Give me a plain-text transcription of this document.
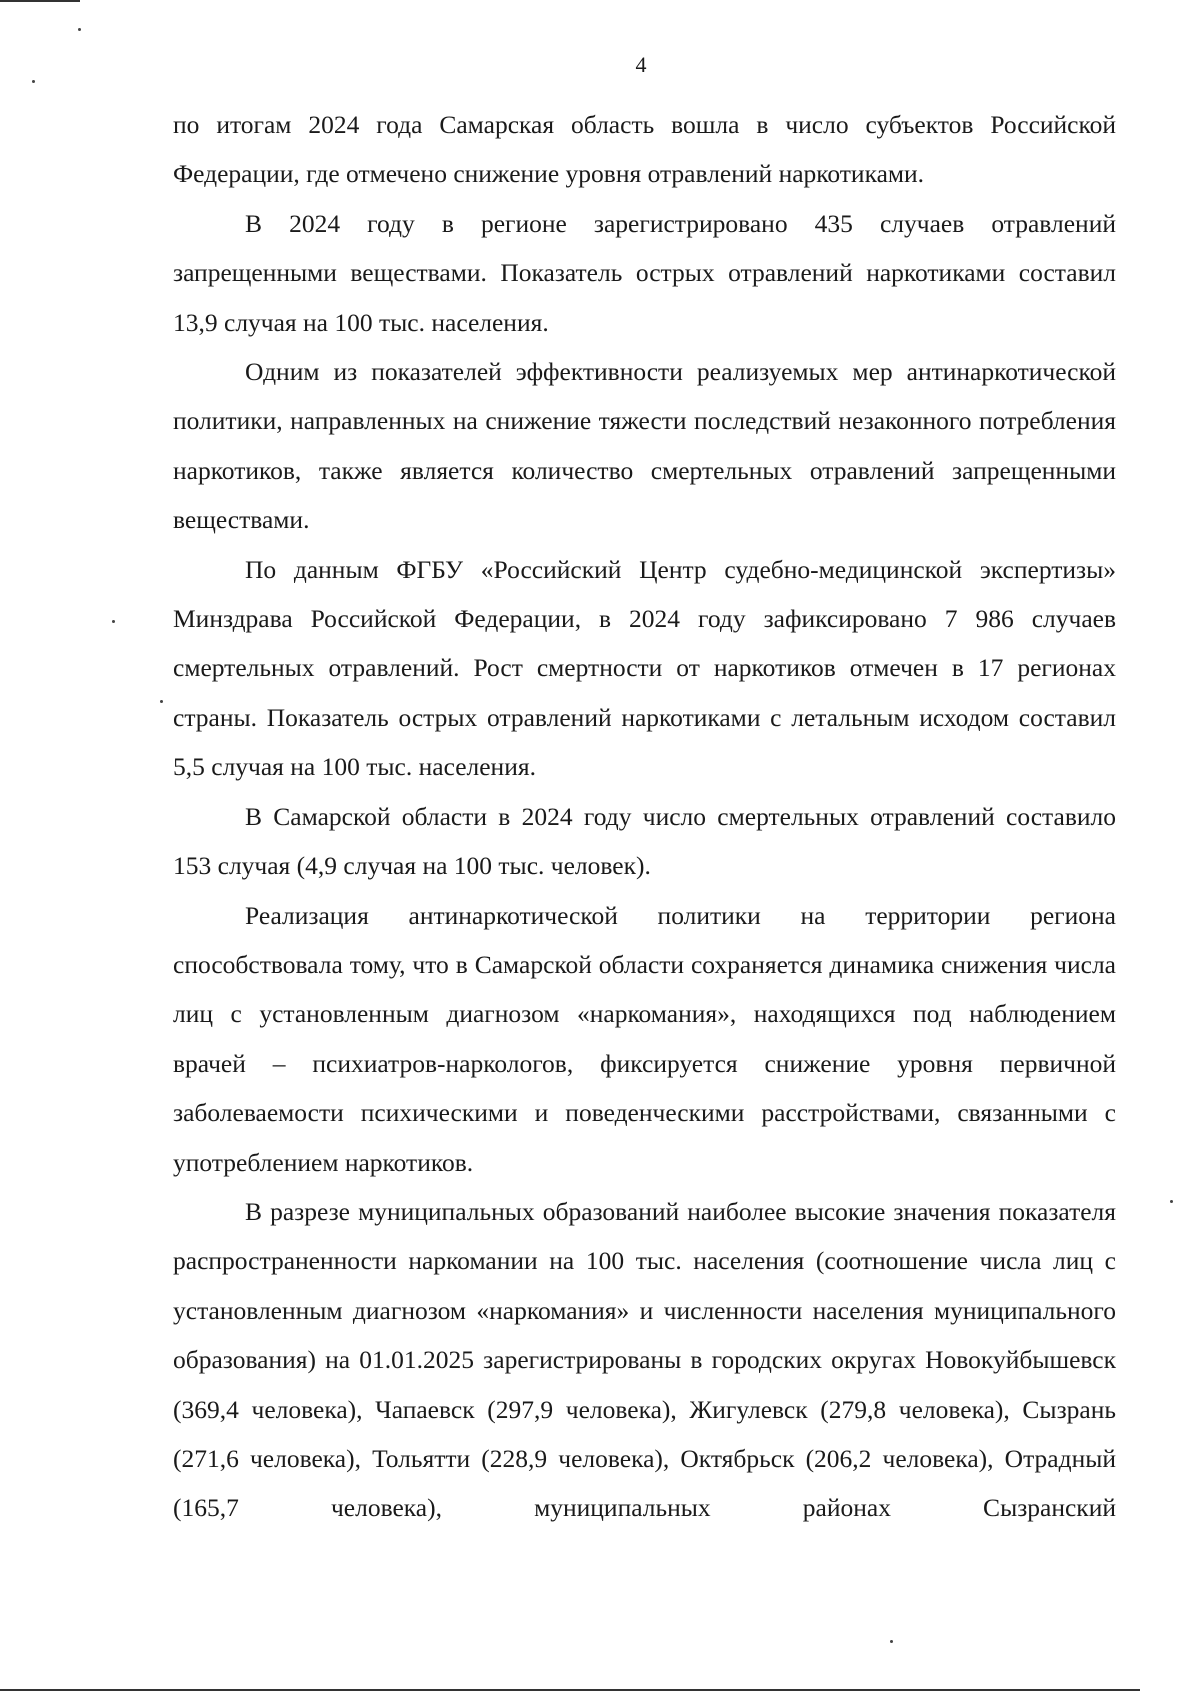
4

по итогам 2024 года Самарская область вошла в число субъектов Российской Федерации, где отмечено снижение уровня отравлений наркотиками.

В 2024 году в регионе зарегистрировано 435 случаев отравлений запрещенными веществами. Показатель острых отравлений наркотиками составил 13,9 случая на 100 тыс. населения.

Одним из показателей эффективности реализуемых мер антинаркотической политики, направленных на снижение тяжести последствий незаконного потребления наркотиков, также является количество смертельных отравлений запрещенными веществами.

По данным ФГБУ «Российский Центр судебно-медицинской экспертизы» Минздрава Российской Федерации, в 2024 году зафиксировано 7 986 случаев смертельных отравлений. Рост смертности от наркотиков отмечен в 17 регионах страны. Показатель острых отравлений наркотиками с летальным исходом составил 5,5 случая на 100 тыс. населения.

В Самарской области в 2024 году число смертельных отравлений составило 153 случая (4,9 случая на 100 тыс. человек).

Реализация антинаркотической политики на территории региона способствовала тому, что в Самарской области сохраняется динамика снижения числа лиц с установленным диагнозом «наркомания», находящихся под наблюдением врачей – психиатров-наркологов, фиксируется снижение уровня первичной заболеваемости психическими и поведенческими расстройствами, связанными с употреблением наркотиков.

В разрезе муниципальных образований наиболее высокие значения показателя распространенности наркомании на 100 тыс. населения (соотношение числа лиц с установленным диагнозом «наркомания» и численности населения муниципального образования) на 01.01.2025 зарегистрированы в городских округах Новокуйбышевск (369,4 человека), Чапаевск (297,9 человека), Жигулевск (279,8 человека), Сызрань (271,6 человека), Тольятти (228,9 человека), Октябрьск (206,2 человека), Отрадный (165,7 человека), муниципальных районах Сызранский
